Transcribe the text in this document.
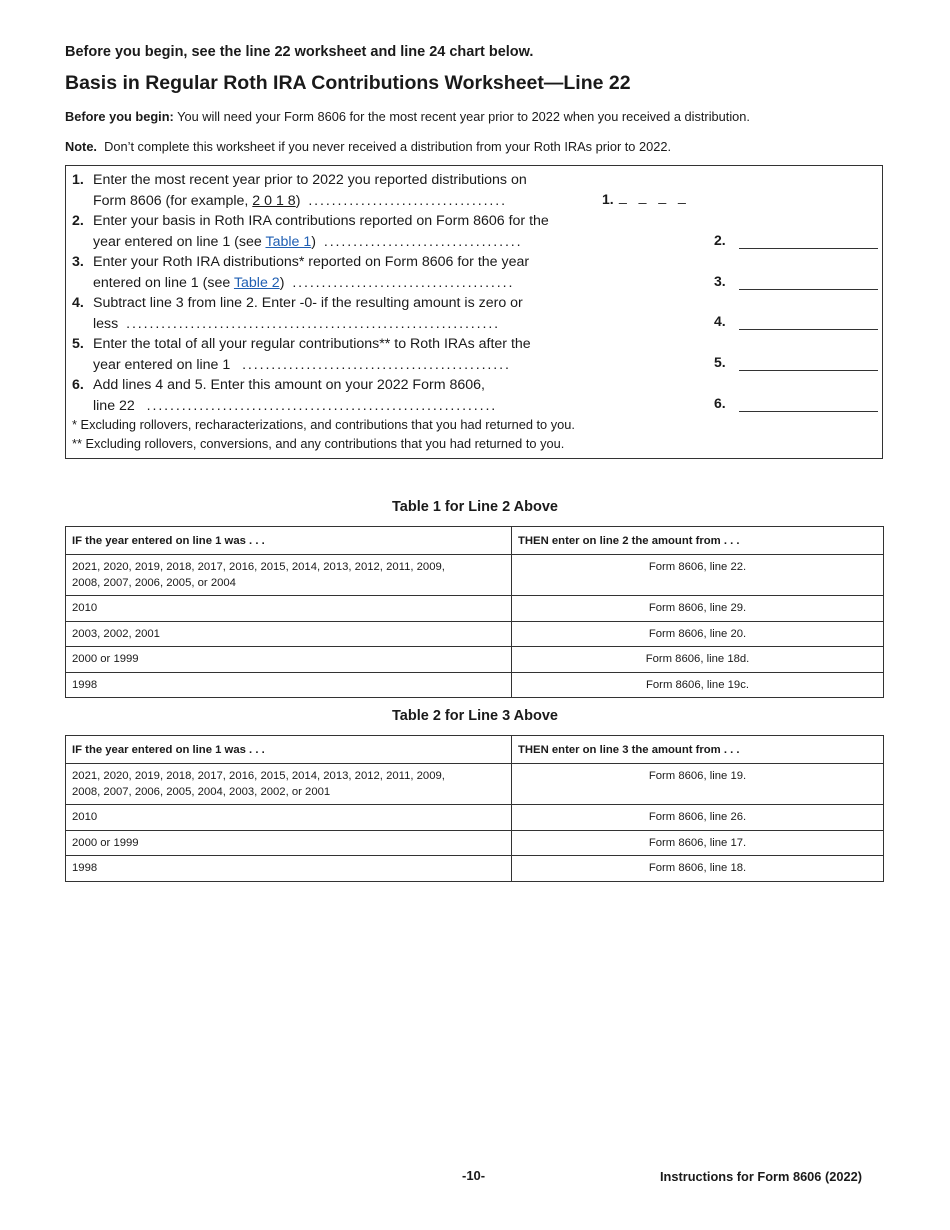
Before you begin, see the line 22 worksheet and line 24 chart below.
Basis in Regular Roth IRA Contributions Worksheet—Line 22
Before you begin: You will need your Form 8606 for the most recent year prior to 2022 when you received a distribution.
Note. Don’t complete this worksheet if you never received a distribution from your Roth IRAs prior to 2022.
1. Enter the most recent year prior to 2022 you reported distributions on
Form 8606 (for example, 2 0 1 8) ..................................	1. _ _ _ _
2. Enter your basis in Roth IRA contributions reported on Form 8606 for the
year entered on line 1 (see Table 1) ..................................	2.
3. Enter your Roth IRA distributions* reported on Form 8606 for the year
entered on line 1 (see Table 2) ......................................	3.
4. Subtract line 3 from line 2. Enter -0- if the resulting amount is zero or
less ................................................................	4.
5. Enter the total of all your regular contributions** to Roth IRAs after the
year entered on line 1 ..............................................	5.
6. Add lines 4 and 5. Enter this amount on your 2022 Form 8606,
line 22 ............................................................	6.
* Excluding rollovers, recharacterizations, and contributions that you had returned to you.
** Excluding rollovers, conversions, and any contributions that you had returned to you.
Table 1 for Line 2 Above
IF the year entered on line 1 was . . .	THEN enter on line 2 the amount from . . .
2021, 2020, 2019, 2018, 2017, 2016, 2015, 2014, 2013, 2012, 2011, 2009,
2008, 2007, 2006, 2005, or 2004	Form 8606, line 22.
2010	Form 8606, line 29.
2003, 2002, 2001	Form 8606, line 20.
2000 or 1999	Form 8606, line 18d.
1998	Form 8606, line 19c.
Table 2 for Line 3 Above
IF the year entered on line 1 was . . .	THEN enter on line 3 the amount from . . .
2021, 2020, 2019, 2018, 2017, 2016, 2015, 2014, 2013, 2012, 2011, 2009,
2008, 2007, 2006, 2005, 2004, 2003, 2002, or 2001	Form 8606, line 19.
2010	Form 8606, line 26.
2000 or 1999	Form 8606, line 17.
1998	Form 8606, line 18.
-10-	Instructions for Form 8606 (2022)
